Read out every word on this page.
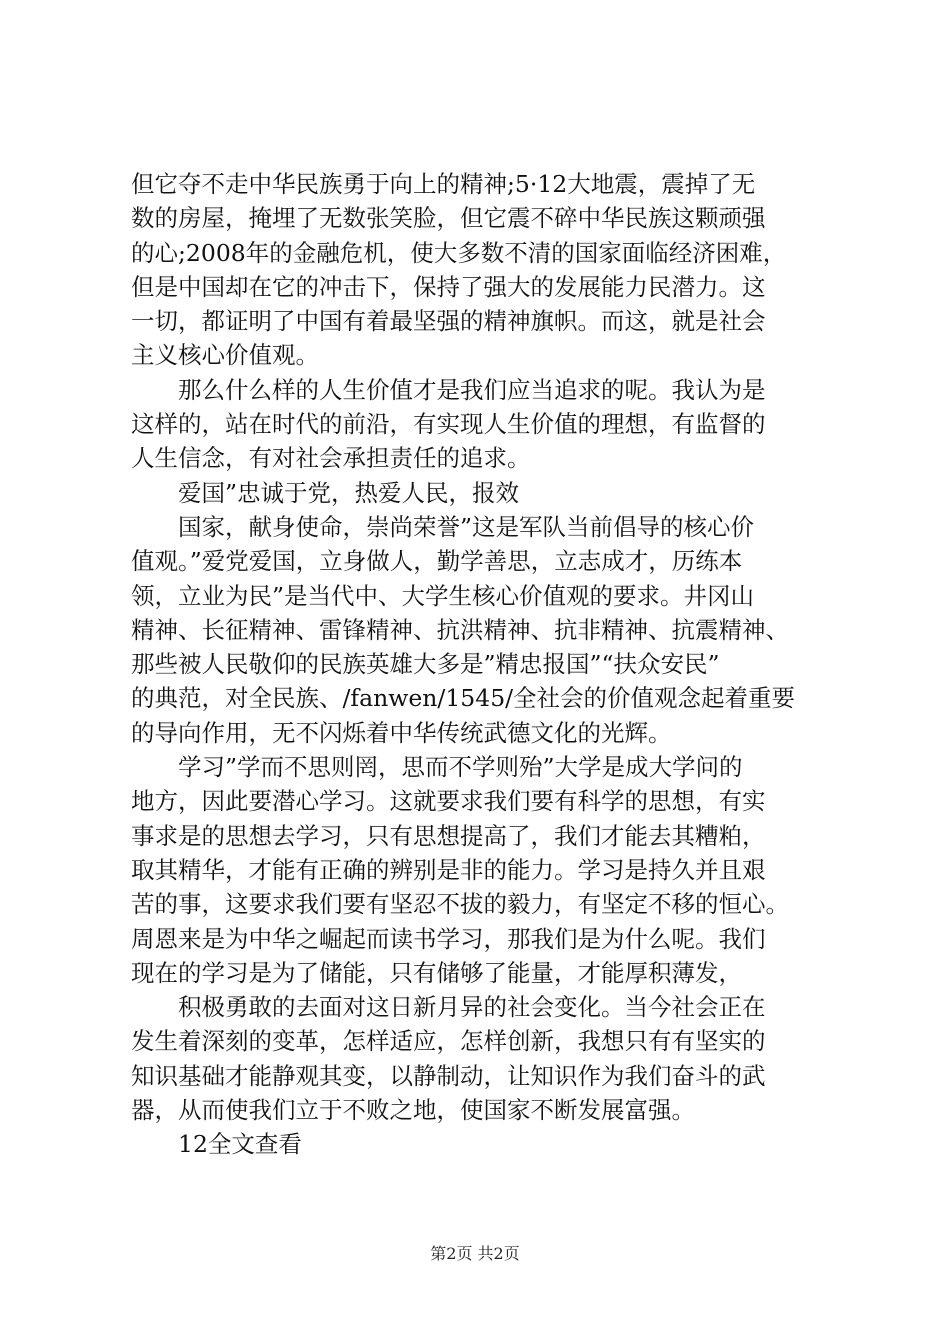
但它夺不走中华民族勇于向上的精神;5·12大地震，震掉了无
数的房屋，掩埋了无数张笑脸，但它震不碎中华民族这颗顽强
的心;2008年的金融危机，使大多数不清的国家面临经济困难，
但是中国却在它的冲击下，保持了强大的发展能力民潜力。这
一切，都证明了中国有着最坚强的精神旗帜。而这，就是社会
主义核心价值观。
　　那么什么样的人生价值才是我们应当追求的呢。我认为是
这样的，站在时代的前沿，有实现人生价值的理想，有监督的
人生信念，有对社会承担责任的追求。
　　爱国”忠诚于党，热爱人民，报效
　　国家，献身使命，崇尚荣誉”这是军队当前倡导的核心价
值观。”爱党爱国，立身做人，勤学善思，立志成才，历练本
领，立业为民”是当代中、大学生核心价值观的要求。井冈山
精神、长征精神、雷锋精神、抗洪精神、抗非精神、抗震精神、
那些被人民敬仰的民族英雄大多是”精忠报国”“扶众安民”
的典范，对全民族、/fanwen/1545/全社会的价值观念起着重要
的导向作用，无不闪烁着中华传统武德文化的光辉。
　　学习”学而不思则罔，思而不学则殆”大学是成大学问的
地方，因此要潜心学习。这就要求我们要有科学的思想，有实
事求是的思想去学习，只有思想提高了，我们才能去其糟粕，
取其精华，才能有正确的辨别是非的能力。学习是持久并且艰
苦的事，这要求我们要有坚忍不拔的毅力，有坚定不移的恒心。
周恩来是为中华之崛起而读书学习，那我们是为什么呢。我们
现在的学习是为了储能，只有储够了能量，才能厚积薄发，
　　积极勇敢的去面对这日新月异的社会变化。当今社会正在
发生着深刻的变革，怎样适应，怎样创新，我想只有有坚实的
知识基础才能静观其变，以静制动，让知识作为我们奋斗的武
器，从而使我们立于不败之地，使国家不断发展富强。
　　12全文查看
第2页 共2页
